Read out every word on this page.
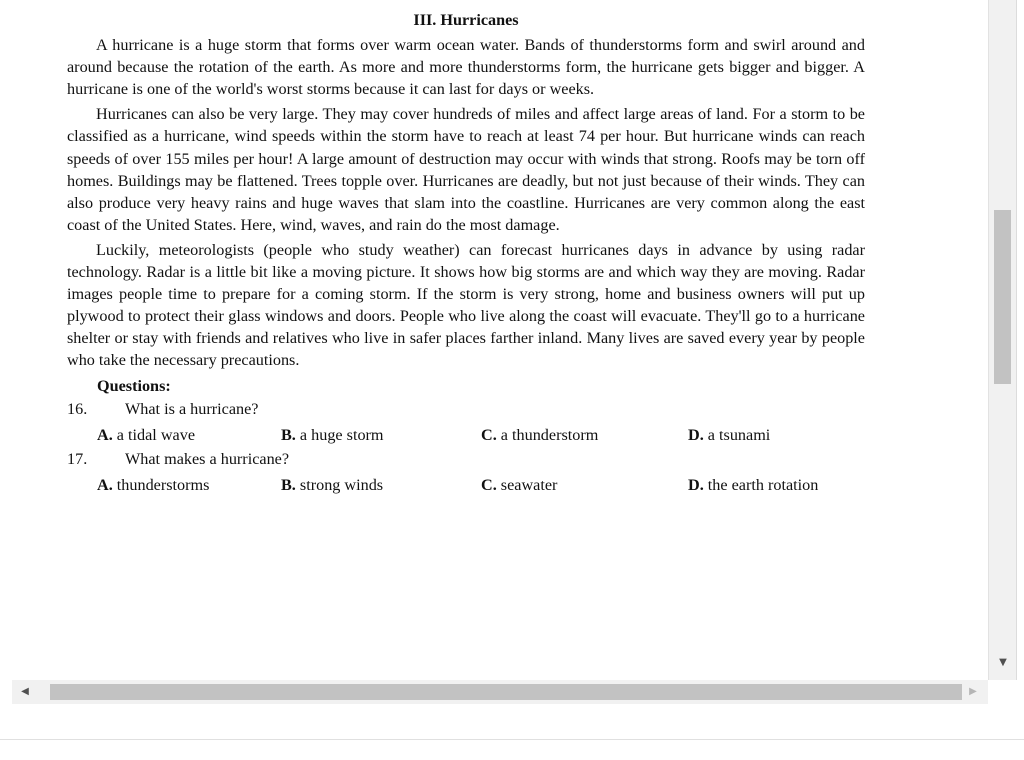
III. Hurricanes
A hurricane is a huge storm that forms over warm ocean water. Bands of thunderstorms form and swirl around and around because the rotation of the earth. As more and more thunderstorms form, the hurricane gets bigger and bigger. A hurricane is one of the world's worst storms because it can last for days or weeks.
Hurricanes can also be very large. They may cover hundreds of miles and affect large areas of land. For a storm to be classified as a hurricane, wind speeds within the storm have to reach at least 74 per hour. But hurricane winds can reach speeds of over 155 miles per hour! A large amount of destruction may occur with winds that strong. Roofs may be torn off homes. Buildings may be flattened. Trees topple over. Hurricanes are deadly, but not just because of their winds. They can also produce very heavy rains and huge waves that slam into the coastline. Hurricanes are very common along the east coast of the United States. Here, wind, waves, and rain do the most damage.
Luckily, meteorologists (people who study weather) can forecast hurricanes days in advance by using radar technology. Radar is a little bit like a moving picture. It shows how big storms are and which way they are moving. Radar images people time to prepare for a coming storm. If the storm is very strong, home and business owners will put up plywood to protect their glass windows and doors. People who live along the coast will evacuate. They'll go to a hurricane shelter or stay with friends and relatives who live in safer places farther inland. Many lives are saved every year by people who take the necessary precautions.
Questions:
16.	What is a hurricane?
A. a tidal wave	B. a huge storm	C. a thunderstorm	D. a tsunami
17.	What makes a hurricane?
A. thunderstorms	B. strong winds	C. seawater	D. the earth rotation
▼
◀	▶
